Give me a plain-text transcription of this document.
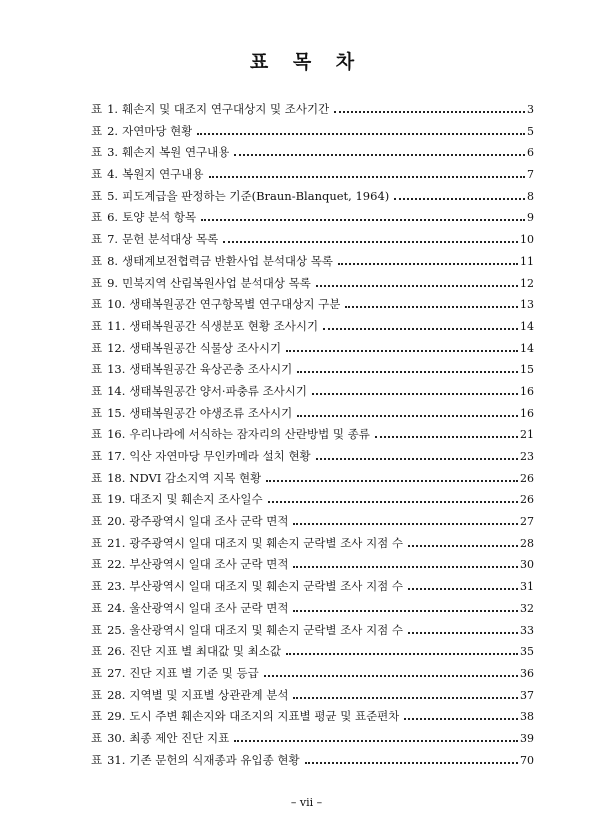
표 목 차
표 1. 훼손지 및 대조지 연구대상지 및 조사기간	3
표 2. 자연마당 현황	5
표 3. 훼손지 복원 연구내용	6
표 4. 복원지 연구내용	7
표 5. 피도계급을 판정하는 기준(Braun-Blanquet, 1964)	8
표 6. 토양 분석 항목	9
표 7. 문헌 분석대상 목록	10
표 8. 생태계보전협력금 반환사업 분석대상 목록	11
표 9. 민북지역 산림복원사업 분석대상 목록	12
표 10. 생태복원공간 연구항목별 연구대상지 구분	13
표 11. 생태복원공간 식생분포 현황 조사시기	14
표 12. 생태복원공간 식물상 조사시기	14
표 13. 생태복원공간 육상곤충 조사시기	15
표 14. 생태복원공간 양서·파충류 조사시기	16
표 15. 생태복원공간 야생조류 조사시기	16
표 16. 우리나라에 서식하는 잠자리의 산란방법 및 종류	21
표 17. 익산 자연마당 무인카메라 설치 현황	23
표 18. NDVI 감소지역 지목 현황	26
표 19. 대조지 및 훼손지 조사일수	26
표 20. 광주광역시 일대 조사 군락 면적	27
표 21. 광주광역시 일대 대조지 및 훼손지 군락별 조사 지점 수	28
표 22. 부산광역시 일대 조사 군락 면적	30
표 23. 부산광역시 일대 대조지 및 훼손지 군락별 조사 지점 수	31
표 24. 울산광역시 일대 조사 군락 면적	32
표 25. 울산광역시 일대 대조지 및 훼손지 군락별 조사 지점 수	33
표 26. 진단 지표 별 최대값 및 최소값	35
표 27. 진단 지표 별 기준 및 등급	36
표 28. 지역별 및 지표별 상관관계 분석	37
표 29. 도시 주변 훼손지와 대조지의 지표별 평균 및 표준편차	38
표 30. 최종 제안 진단 지표	39
표 31. 기존 문헌의 식재종과 유입종 현황	70
– vii –
